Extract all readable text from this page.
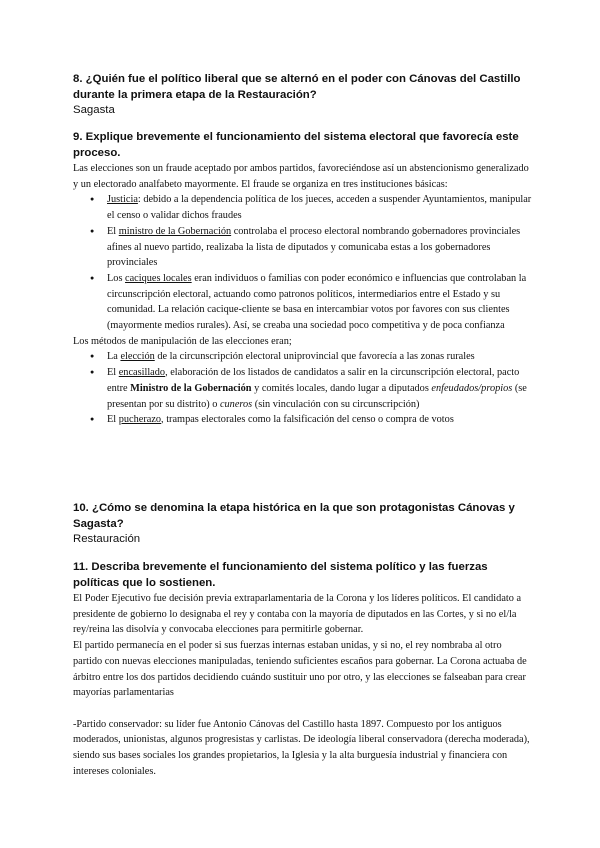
8. ¿Quién fue el político liberal que se alternó en el poder con Cánovas del Castillo durante la primera etapa de la Restauración?

Sagasta

9. Explique brevemente el funcionamiento del sistema electoral que favorecía este proceso.

Las elecciones son un fraude aceptado por ambos partidos, favoreciéndose así un abstencionismo generalizado y un electorado analfabeto mayormente. El fraude se organiza en tres instituciones básicas:

● Justicia: debido a la dependencia política de los jueces, acceden a suspender Ayuntamientos, manipular el censo o validar dichos fraudes
● El ministro de la Gobernación controlaba el proceso electoral nombrando gobernadores provinciales afines al nuevo partido, realizaba la lista de diputados y comunicaba estas a los gobernadores provinciales
● Los caciques locales eran individuos o familias con poder económico e influencias que controlaban la circunscripción electoral, actuando como patronos políticos, intermediarios entre el Estado y su comunidad. La relación cacique-cliente se basa en intercambiar votos por favores con sus clientes (mayormente medios rurales). Así, se creaba una sociedad poco competitiva y de poca confianza

Los métodos de manipulación de las elecciones eran;

● La elección de la circunscripción electoral uniprovincial que favorecía a las zonas rurales
● El encasillado, elaboración de los listados de candidatos a salir en la circunscripción electoral, pacto entre Ministro de la Gobernación y comités locales, dando lugar a diputados enfeudados/propios (se presentan por su distrito) o cuneros (sin vinculación con su circunscripción)
● El pucherazo, trampas electorales como la falsificación del censo o compra de votos

10. ¿Cómo se denomina la etapa histórica en la que son protagonistas Cánovas y Sagasta?

Restauración

11. Describa brevemente el funcionamiento del sistema político y las fuerzas políticas que lo sostienen.

El Poder Ejecutivo fue decisión previa extraparlamentaria de la Corona y los líderes políticos. El candidato a presidente de gobierno lo designaba el rey y contaba con la mayoría de diputados en las Cortes, y si no el/la rey/reina las disolvía y convocaba elecciones para permitirle gobernar.

El partido permanecía en el poder si sus fuerzas internas estaban unidas, y si no, el rey nombraba al otro partido con nuevas elecciones manipuladas, teniendo suficientes escaños para gobernar. La Corona actuaba de árbitro entre los dos partidos decidiendo cuándo sustituir uno por otro, y las elecciones se falseaban para crear mayorías parlamentarias

-Partido conservador: su líder fue Antonio Cánovas del Castillo hasta 1897. Compuesto por los antiguos moderados, unionistas, algunos progresistas y carlistas. De ideología liberal conservadora (derecha moderada), siendo sus bases sociales los grandes propietarios, la Iglesia y la alta burguesía industrial y financiera con intereses coloniales.
